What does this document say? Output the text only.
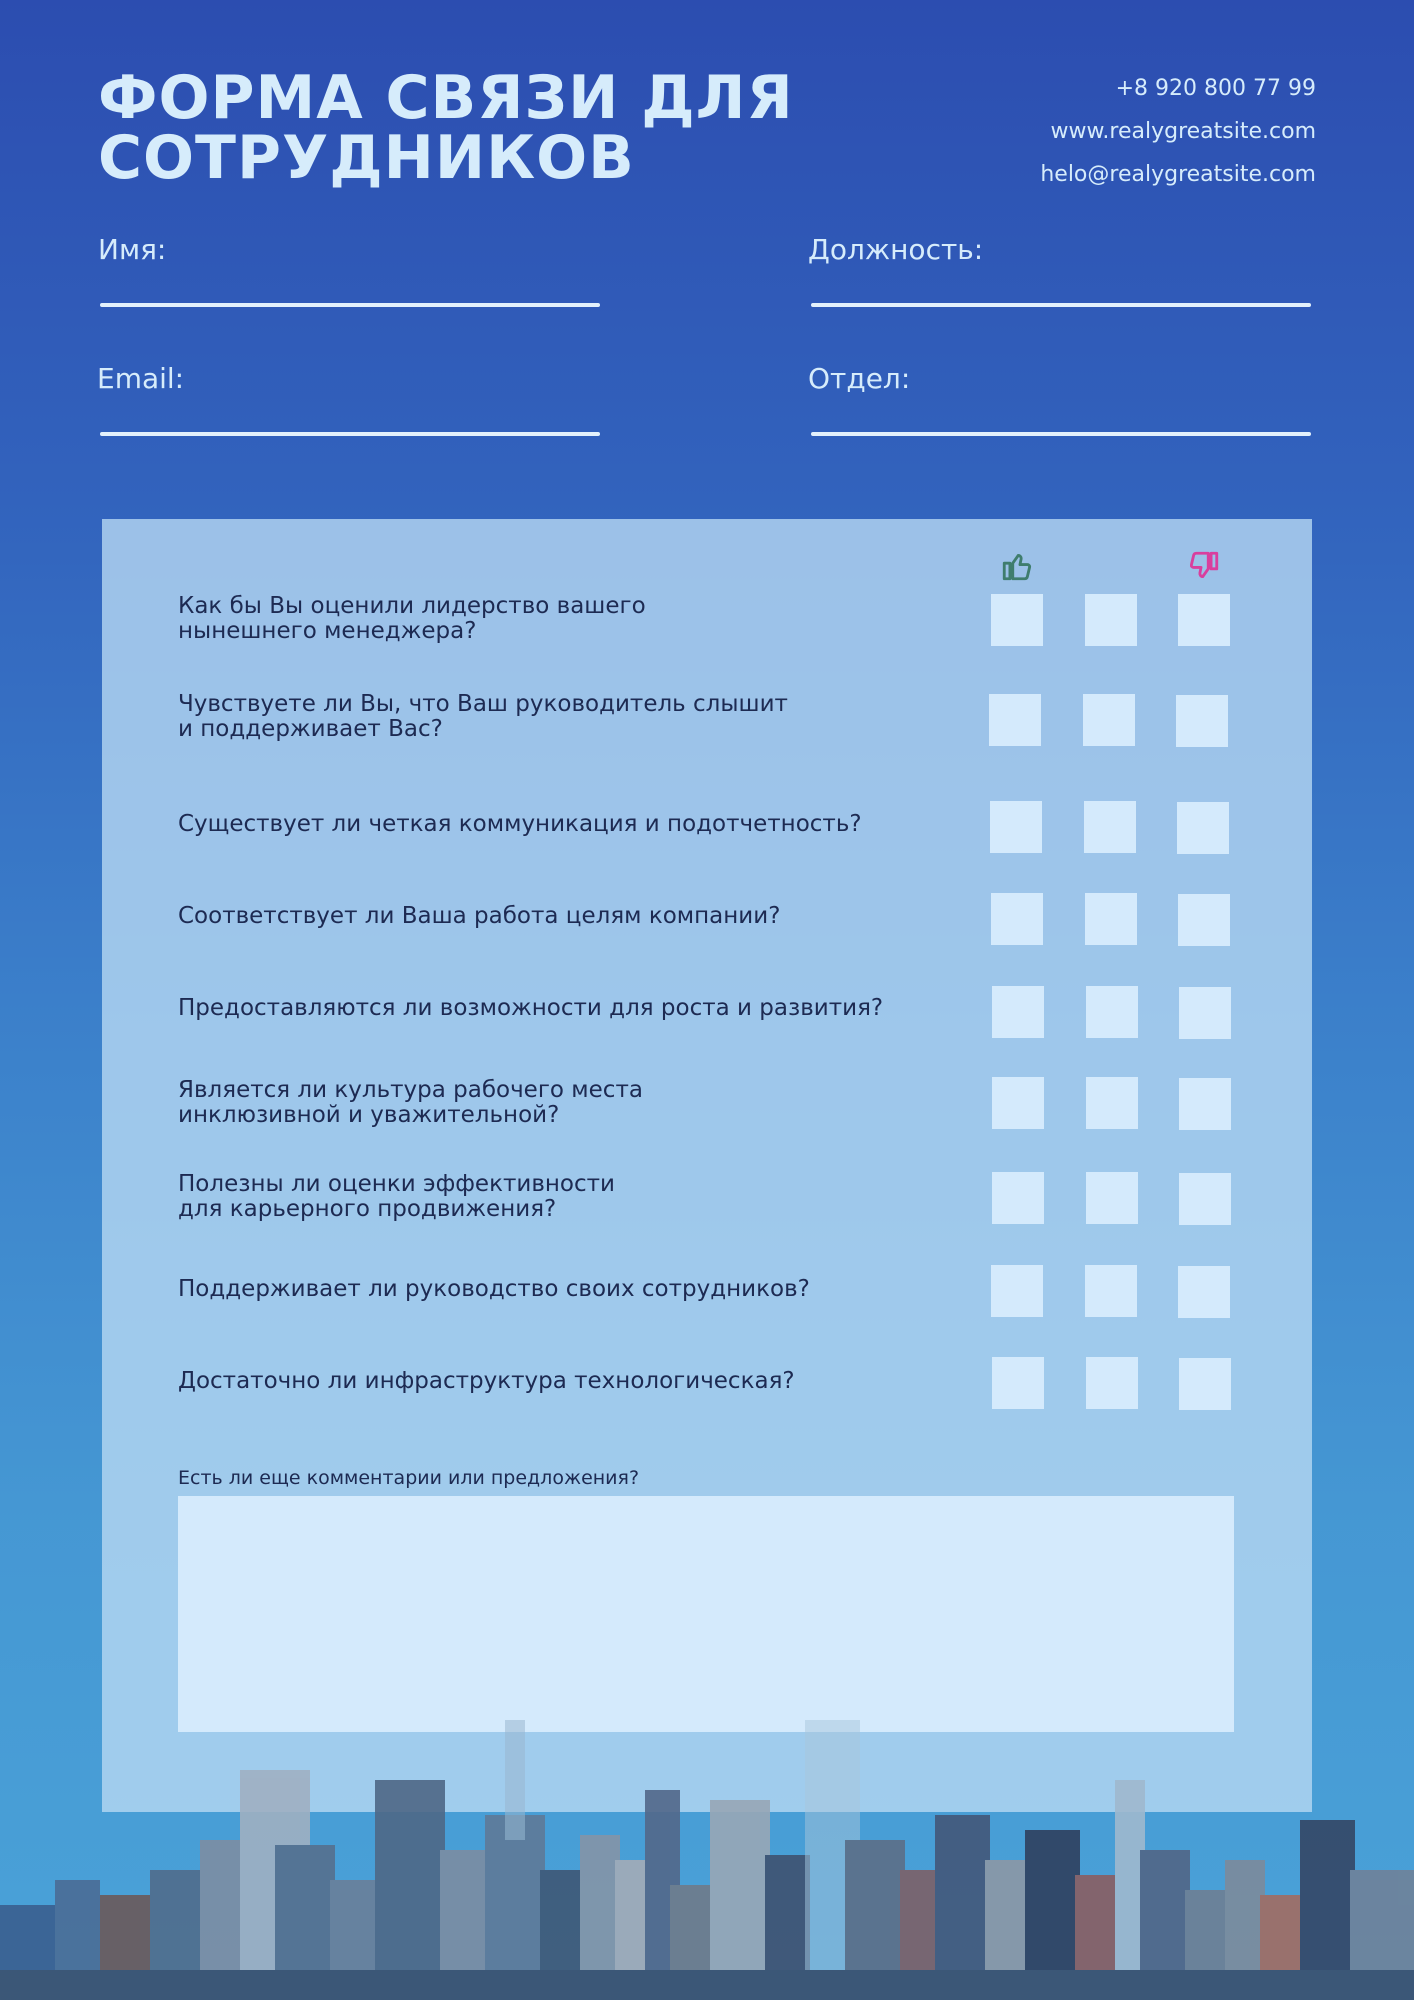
ФОРМА СВЯЗИ ДЛЯ
СОТРУДНИКОВ
+8 920 800 77 99
www.realygreatsite.com
helo@realygreatsite.com
Имя:	Должность:
Email:	Отдел:
Как бы Вы оценили лидерство вашего
нынешнего менеджера?
Чувствуете ли Вы, что Ваш руководитель слышит
и поддерживает Вас?
Существует ли четкая коммуникация и подотчетность?
Соответствует ли Ваша работа целям компании?
Предоставляются ли возможности для роста и развития?
Является ли культура рабочего места
инклюзивной и уважительной?
Полезны ли оценки эффективности
для карьерного продвижения?
Поддерживает ли руководство своих сотрудников?
Достаточно ли инфраструктура технологическая?
Есть ли еще комментарии или предложения?
